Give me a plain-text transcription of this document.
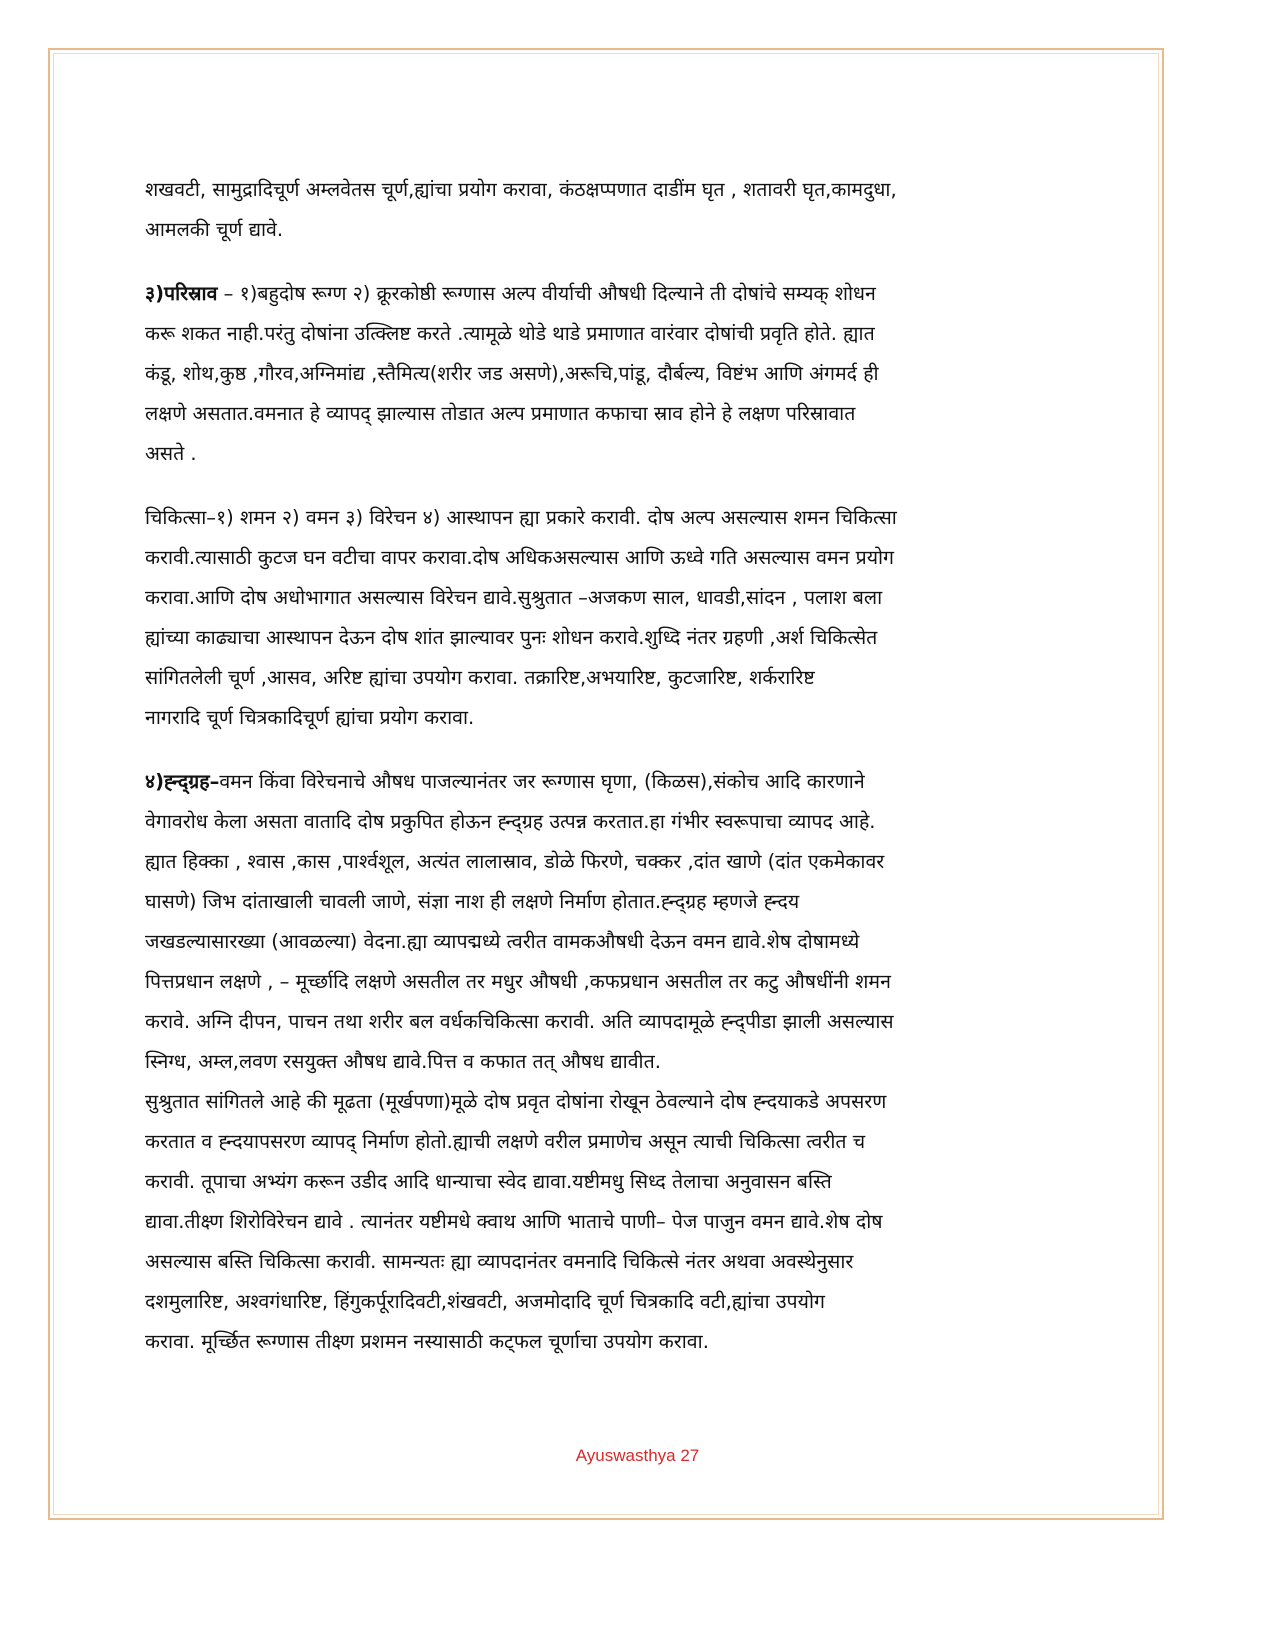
शखवटी, सामुद्रादिचूर्ण अम्लवेतस चूर्ण,ह्यांचा प्रयोग करावा, कंठक्षप्पणात दाडींम घृत , शतावरी घृत,कामदुधा,
आमलकी चूर्ण द्यावे.

३)परिस्राव – १)बहुदोष रूग्ण २) क्रूरकोष्ठी रूग्णास अल्प वीर्याची औषधी दिल्याने ती दोषांचे सम्यक् शोधन
करू शकत नाही.परंतु दोषांना उत्क्लिष्ट करते .त्यामूळे थोडे थाडे प्रमाणात वारंवार दोषांची प्रवृति होते. ह्यात
कंडू, शोथ,कुष्ठ ,गौरव,अग्निमांद्य ,स्तैमित्य(शरीर जड असणे),अरूचि,पांडू, दौर्बल्य, विष्टंभ आणि अंगमर्द ही
लक्षणे असतात.वमनात हे व्यापद् झाल्यास तोडात अल्प प्रमाणात कफाचा स्राव होने हे लक्षण परिस्रावात
असते .

चिकित्सा–१) शमन २) वमन ३) विरेचन ४) आस्थापन ह्या प्रकारे करावी. दोष अल्प असल्यास शमन चिकित्सा
करावी.त्यासाठी कुटज घन वटीचा वापर करावा.दोष अधिकअसल्यास आणि ऊध्वे गति असल्यास वमन प्रयोग
करावा.आणि दोष अधोभागात असल्यास विरेचन द्यावे.सुश्रुतात –अजकण साल, धावडी,सांदन , पलाश बला
ह्यांच्या काढ्याचा आस्थापन देऊन दोष शांत झाल्यावर पुनः शोधन करावे.शुध्दि नंतर ग्रहणी ,अर्श चिकित्सेत
सांगितलेली चूर्ण ,आसव, अरिष्ट ह्यांचा उपयोग करावा. तक्रारिष्ट,अभयारिष्ट, कुटजारिष्ट, शर्करारिष्ट
नागरादि चूर्ण चित्रकादिचूर्ण ह्यांचा प्रयोग करावा.

४)ह्न्द्ग्रह–वमन किंवा विरेचनाचे औषध पाजल्यानंतर जर रूग्णास घृणा, (किळस),संकोच आदि कारणाने
वेगावरोध केला असता वातादि दोष प्रकुपित होऊन ह्न्द्ग्रह उत्पन्न करतात.हा गंभीर स्वरूपाचा व्यापद आहे.
ह्यात हिक्का , श्वास ,कास ,पार्श्वशूल, अत्यंत लालास्राव, डोळे फिरणे, चक्कर ,दांत खाणे (दांत एकमेकावर
घासणे) जिभ दांताखाली चावली जाणे, संज्ञा नाश ही लक्षणे निर्माण होतात.ह्न्द्ग्रह म्हणजे ह्न्दय
जखडल्यासारख्या (आवळल्या) वेदना.ह्या व्यापद्मध्ये त्वरीत वामकऔषधी देऊन वमन द्यावे.शेष दोषामध्ये
पित्तप्रधान लक्षणे , – मूर्च्छादि लक्षणे असतील तर मधुर औषधी ,कफप्रधान असतील तर कटु औषधींनी शमन
करावे. अग्नि दीपन, पाचन तथा शरीर बल वर्धकचिकित्सा करावी. अति व्यापदामूळे ह्न्द्पीडा झाली असल्यास
स्निग्ध, अम्ल,लवण रसयुक्त औषध द्यावे.पित्त व कफात तत् औषध द्यावीत.

सुश्रुतात सांगितले आहे की मूढता (मूर्खपणा)मूळे दोष प्रवृत दोषांना रोखून ठेवल्याने दोष ह्न्दयाकडे अपसरण
करतात व ह्न्दयापसरण व्यापद् निर्माण होतो.ह्याची लक्षणे वरील प्रमाणेच असून त्याची चिकित्सा त्वरीत च
करावी. तूपाचा अभ्यंग करून उडीद आदि धान्याचा स्वेद द्यावा.यष्टीमधु सिध्द तेलाचा अनुवासन बस्ति
द्यावा.तीक्ष्ण शिरोविरेचन द्यावे . त्यानंतर यष्टीमधे क्वाथ आणि भाताचे पाणी– पेज पाजुन वमन द्यावे.शेष दोष
असल्यास बस्ति चिकित्सा करावी. सामन्यतः ह्या व्यापदानंतर वमनादि चिकित्से नंतर अथवा अवस्थेनुसार
दशमुलारिष्ट, अश्वगंधारिष्ट, हिंगुकर्पूरादिवटी,शंखवटी, अजमोदादि चूर्ण चित्रकादि वटी,ह्यांचा उपयोग
करावा. मूर्च्छित रूग्णास तीक्ष्ण प्रशमन नस्यासाठी कट्फल चूर्णाचा उपयोग करावा.

Ayuswasthya 27
